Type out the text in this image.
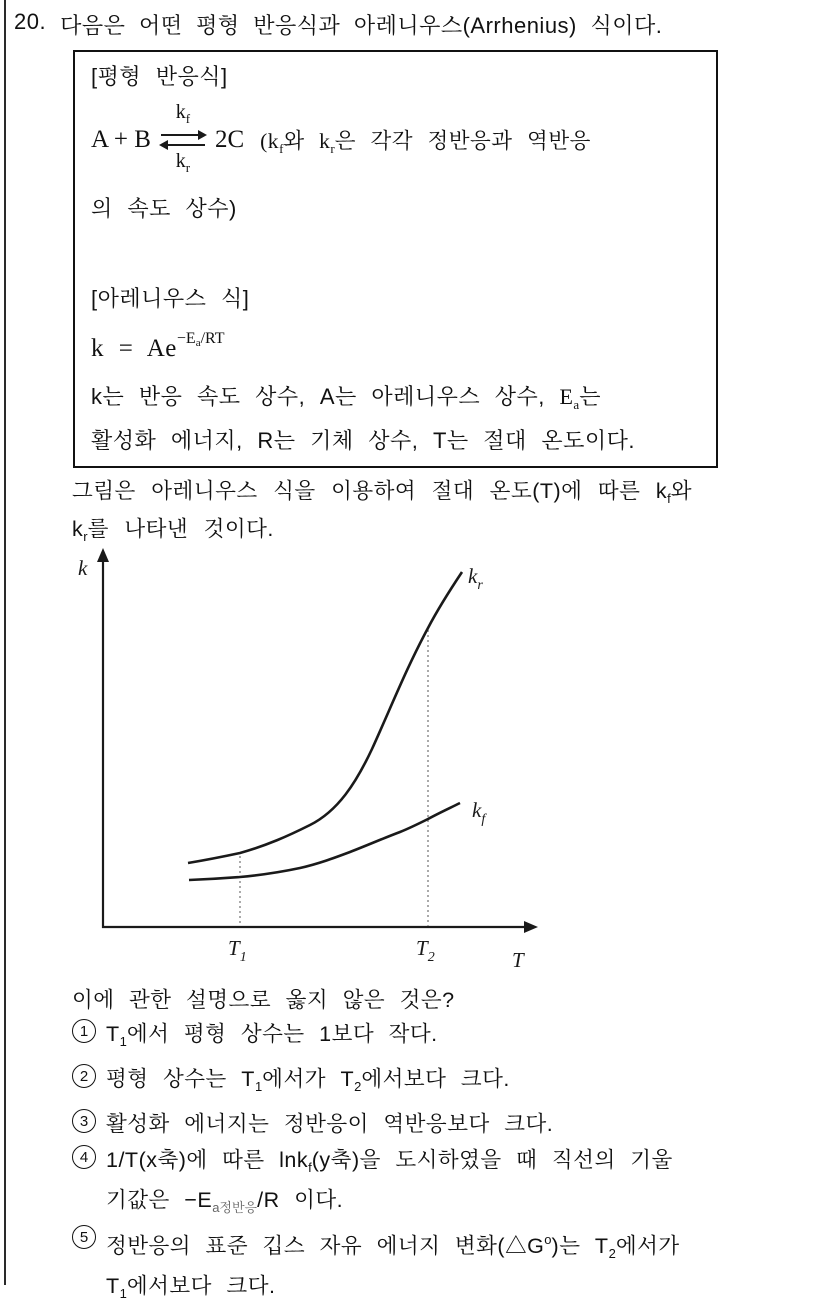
20. 다음은 어떤 평형 반응식과 아레니우스(Arrhenius) 식이다.
[평형 반응식]
A + B
$k_f$
$k_r$
2C ($k_f$와 $k_r$은 각각 정반응과 역반응
의 속도 상수)
[아레니우스 식]
$k = Ae^{-Ea/RT}$
k는 반응 속도 상수, A는 아레니우스 상수, $E_a$는
활성화 에너지, R는 기체 상수, T는 절대 온도이다.
그림은 아레니우스 식을 이용하여 절대 온도(T)에 따른 $k_f$와
$k_r$를 나타낸 것이다.
k
T
$k_r$
$k_f$
$T_1$	$T_2$
이에 관한 설명으로 옳지 않은 것은?
1 $T_1$에서 평형 상수는 1보다 작다.
2 평형 상수는 $T_1$에서가 $T_2$에서보다 크다.
3 활성화 에너지는 정반응이 역반응보다 크다.
4 1/T(x축)에 따른 lnk$_f$(y축)을 도시하였을 때 직선의 기울
기값은 $-E_{a정반응}/R$ 이다.
5 정반응의 표준 깁스 자유 에너지 변화$(\triangle G^o)$는 $T_2$에서가
$T_1$에서보다 크다.
